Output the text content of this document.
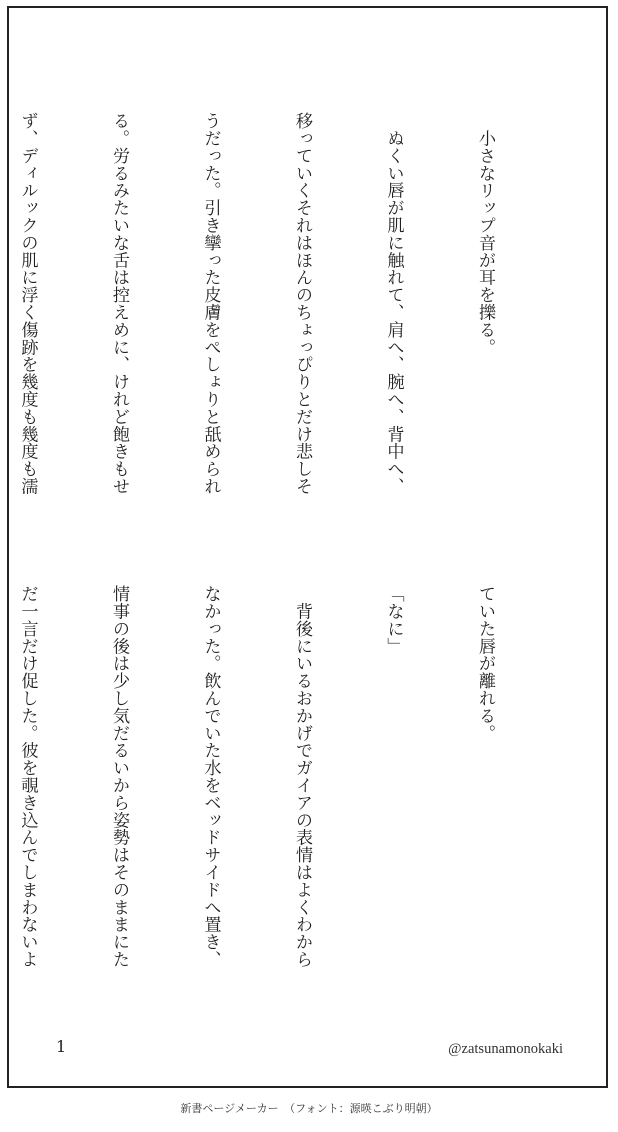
　小さなリップ音が耳を擽る。

　ぬくい唇が肌に触れて、肩へ、腕へ、背中へ、

移っていくそれはほんのちょっぴりとだけ悲しそ

うだった。引き攣った皮膚をぺしょりと舐められ

る。労るみたいな舌は控えめに、けれど飽きもせ

ず、ディルックの肌に浮く傷跡を幾度も幾度も濡

ていた唇が離れる。

「なに」

　背後にいるおかげでガイアの表情はよくわから

なかった。飲んでいた水をベッドサイドへ置き、

情事の後は少し気だるいから姿勢はそのままにた

だ一言だけ促した。彼を覗き込んでしまわないよ

1	@zatsunamonokaki
新書ページメーカー　（フォント：源暎こぶり明朝）
